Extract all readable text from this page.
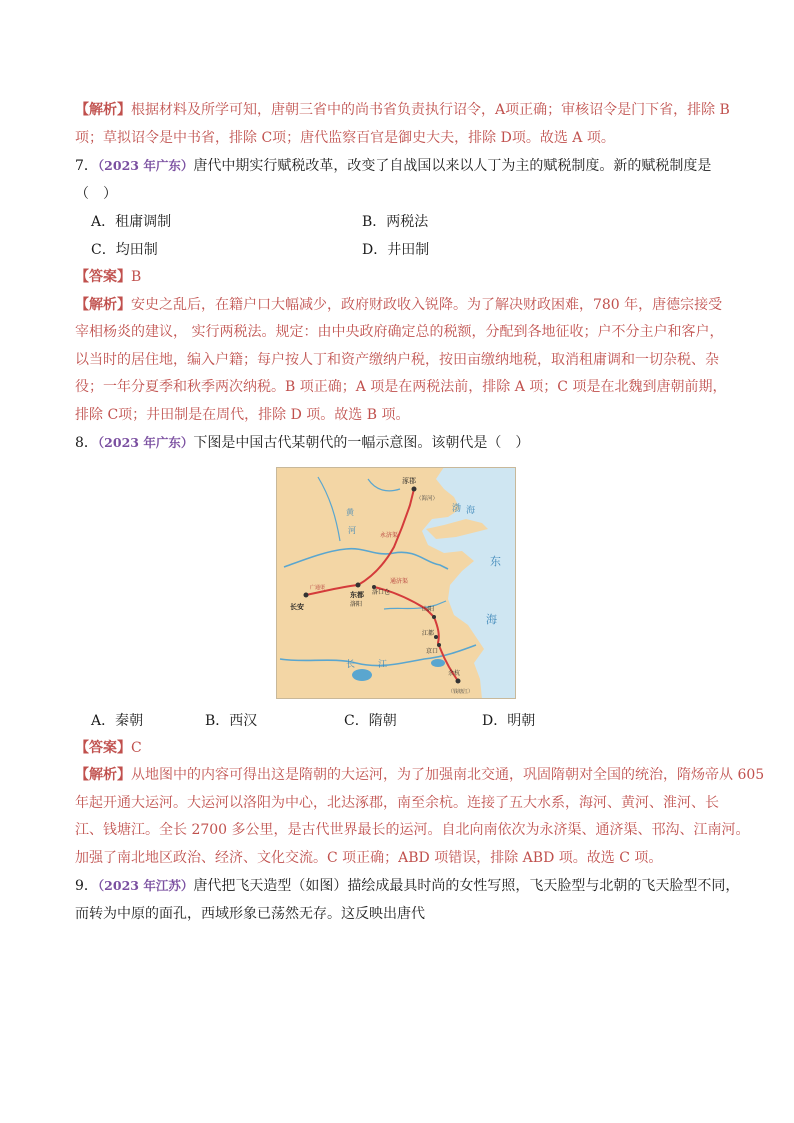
【解析】根据材料及所学可知，唐朝三省中的尚书省负责执行诏令，A项正确；审核诏令是门下省，排除 B
项；草拟诏令是中书省，排除 C项；唐代监察百官是御史大夫，排除 D项。故选 A 项。
7．（2023 年广东）唐代中期实行赋税改革，改变了自战国以来以人丁为主的赋税制度。新的赋税制度是
（　）
A．租庸调制	B．两税法
C．均田制	D．井田制
【答案】B
【解析】安史之乱后，在籍户口大幅减少，政府财政收入锐降。为了解决财政困难，780 年，唐德宗接受
宰相杨炎的建议， 实行两税法。规定：由中央政府确定总的税额，分配到各地征收；户不分主户和客户，
以当时的居住地，编入户籍；每户按人丁和资产缴纳户税，按田亩缴纳地税，取消租庸调和一切杂税、杂
役；一年分夏季和秋季两次纳税。B 项正确；A 项是在两税法前，排除 A 项；C 项是在北魏到唐朝前期，
排除 C项；井田制是在周代，排除 D 项。故选 B 项。
8．（2023 年广东）下图是中国古代某朝代的一幅示意图。该朝代是（　）
涿郡
（海河）
渤 海
东
海
黄
河
长	江
长安
东都
洛阳
洛口仓
广通渠
通济渠
永济渠
山阳
江都
京口
余杭
（钱塘江）
A．秦朝	B．西汉	C．隋朝	D．明朝
【答案】C
【解析】从地图中的内容可得出这是隋朝的大运河，为了加强南北交通，巩固隋朝对全国的统治，隋炀帝从 605
年起开通大运河。大运河以洛阳为中心，北达涿郡，南至余杭。连接了五大水系，海河、黄河、淮河、长
江、钱塘江。全长 2700 多公里，是古代世界最长的运河。自北向南依次为永济渠、通济渠、邗沟、江南河。
加强了南北地区政治、经济、文化交流。C 项正确；ABD 项错误，排除 ABD 项。故选 C 项。
9．（2023 年江苏）唐代把飞天造型（如图）描绘成最具时尚的女性写照，飞天脸型与北朝的飞天脸型不同，
而转为中原的面孔，西域形象已荡然无存。这反映出唐代
